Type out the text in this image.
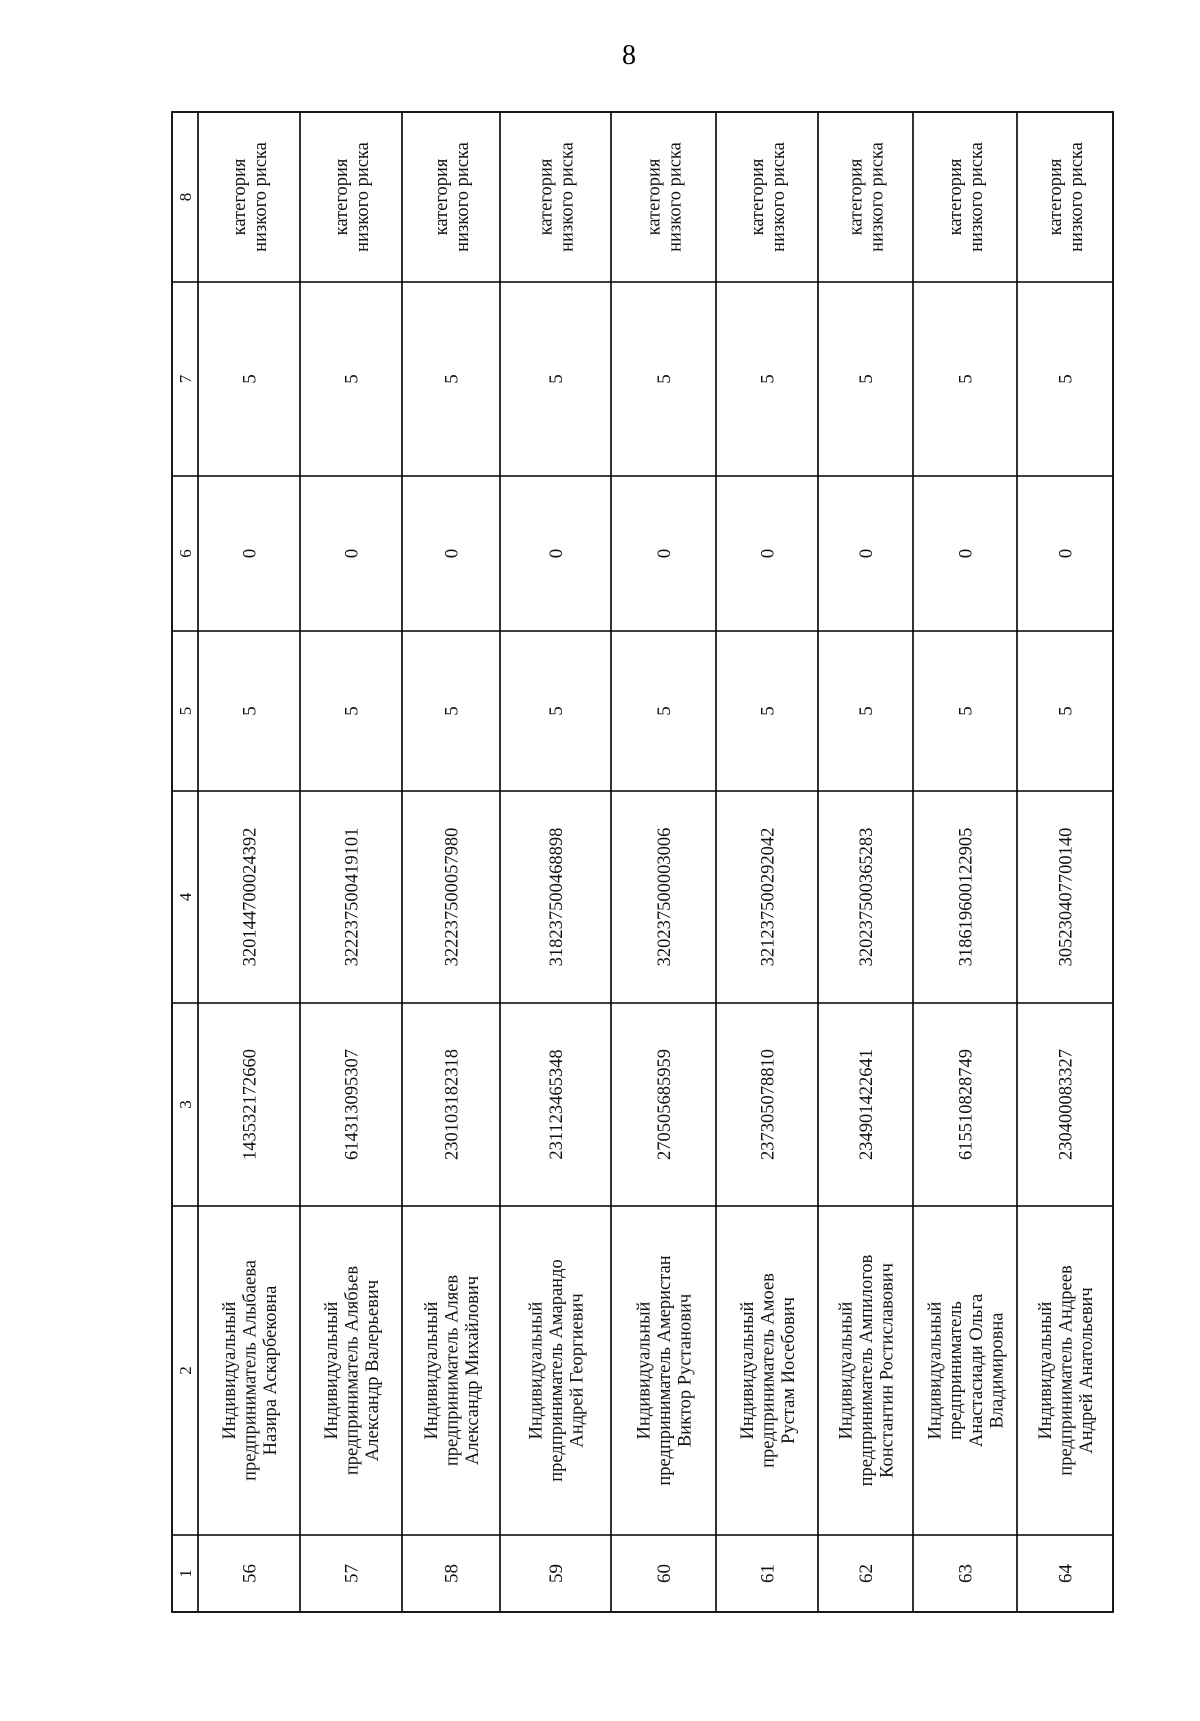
8
1
2
3
4
5
6
7
8
56
Индивидуальныйпредприниматель АлыбаеваНазира Аскарбековна
143532172660
320144700024392
5
0
5
категориянизкого риска
57
Индивидуальныйпредприниматель АлябьевАлександр Валерьевич
614313095307
322237500419101
5
0
5
категориянизкого риска
58
Индивидуальныйпредприниматель АляевАлександр Михайлович
230103182318
322237500057980
5
0
5
категориянизкого риска
59
Индивидуальныйпредприниматель АмарандоАндрей Георгиевич
231123465348
318237500468898
5
0
5
категориянизкого риска
60
Индивидуальныйпредприниматель АмеристанВиктор Рустанович
270505685959
320237500003006
5
0
5
категориянизкого риска
61
Индивидуальныйпредприниматель АмоевРустам Иосебович
237305078810
321237500292042
5
0
5
категориянизкого риска
62
Индивидуальныйпредприниматель АмпилоговКонстантин Ростиславович
234901422641
320237500365283
5
0
5
категориянизкого риска
63
ИндивидуальныйпредпринимательАнастасиади ОльгаВладимировна
615510828749
318619600122905
5
0
5
категориянизкого риска
64
Индивидуальныйпредприниматель АндреевАндрей Анатольевич
230400083327
305230407700140
5
0
5
категориянизкого риска
